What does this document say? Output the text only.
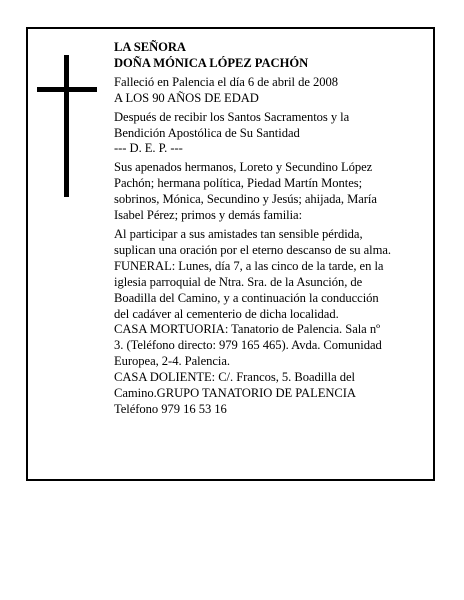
LA SEÑORA
DOÑA MÓNICA LÓPEZ PACHÓN
Falleció en Palencia el día 6 de abril de 2008
A LOS 90 AÑOS DE EDAD
Después de recibir los Santos Sacramentos y la
Bendición Apostólica de Su Santidad
--- D. E. P. ---
Sus apenados hermanos, Loreto y Secundino López
Pachón; hermana política, Piedad Martín Montes;
sobrinos, Mónica, Secundino y Jesús; ahijada, María
Isabel Pérez; primos y demás familia:
Al participar a sus amistades tan sensible pérdida,
suplican una oración por el eterno descanso de su alma.
FUNERAL: Lunes, día 7, a las cinco de la tarde, en la
iglesia parroquial de Ntra. Sra. de la Asunción, de
Boadilla del Camino, y a continuación la conducción
del cadáver al cementerio de dicha localidad.
CASA MORTUORIA: Tanatorio de Palencia. Sala nº
3. (Teléfono directo: 979 165 465). Avda. Comunidad
Europea, 2-4. Palencia.
CASA DOLIENTE: C/. Francos, 5. Boadilla del
Camino.GRUPO TANATORIO DE PALENCIA
Teléfono 979 16 53 16
